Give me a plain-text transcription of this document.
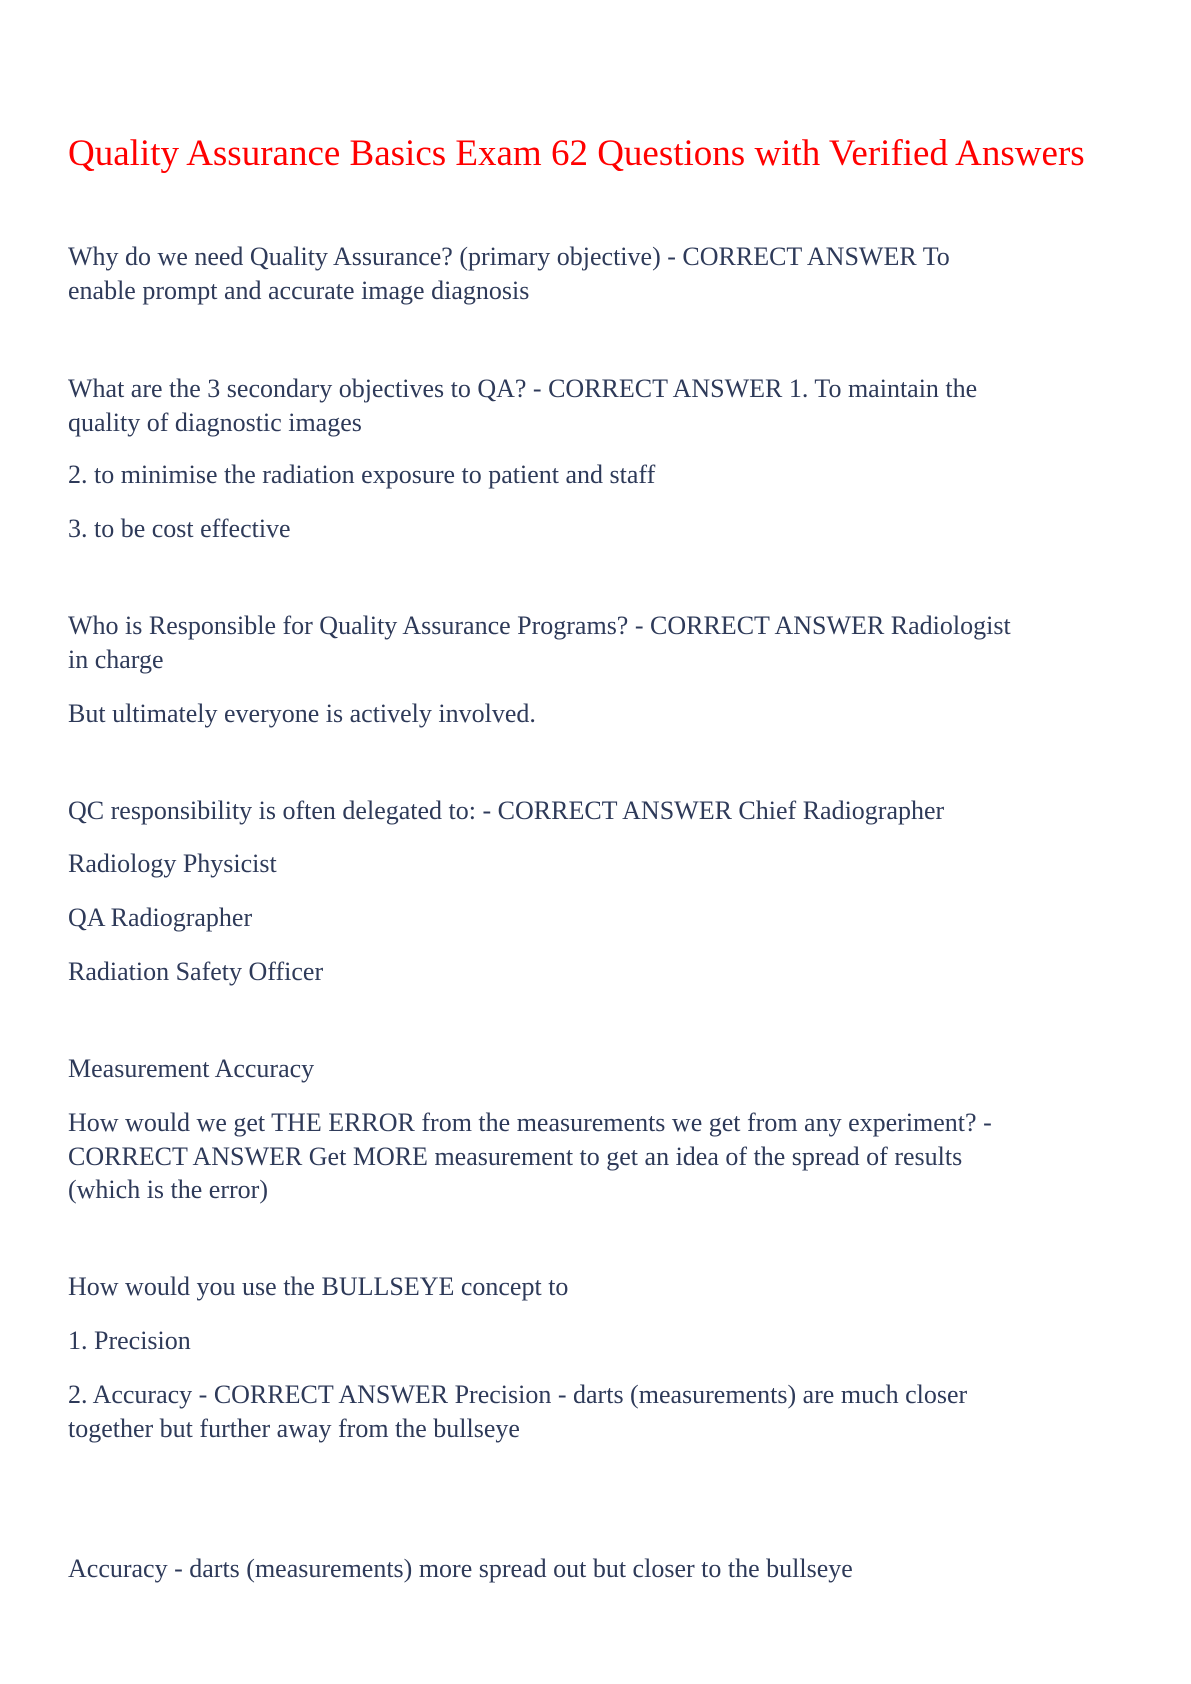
Quality Assurance Basics Exam 62 Questions with Verified Answers

Why do we need Quality Assurance? (primary objective) - CORRECT ANSWER To
enable prompt and accurate image diagnosis

What are the 3 secondary objectives to QA? - CORRECT ANSWER 1. To maintain the
quality of diagnostic images

2. to minimise the radiation exposure to patient and staff

3. to be cost effective

Who is Responsible for Quality Assurance Programs? - CORRECT ANSWER Radiologist
in charge

But ultimately everyone is actively involved.

QC responsibility is often delegated to: - CORRECT ANSWER Chief Radiographer

Radiology Physicist

QA Radiographer

Radiation Safety Officer

Measurement Accuracy

How would we get THE ERROR from the measurements we get from any experiment? -
CORRECT ANSWER Get MORE measurement to get an idea of the spread of results
(which is the error)

How would you use the BULLSEYE concept to

1. Precision

2. Accuracy - CORRECT ANSWER Precision - darts (measurements) are much closer
together but further away from the bullseye

Accuracy - darts (measurements) more spread out but closer to the bullseye
